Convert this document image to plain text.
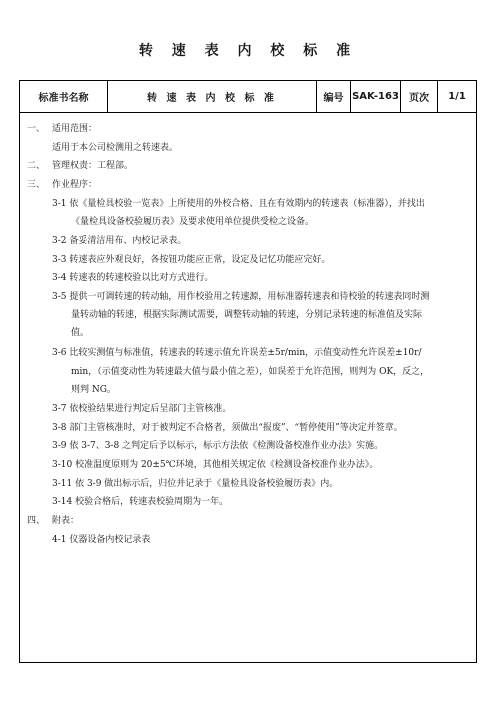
转 速 表 内 校 标 准
标准书名称	转 速 表 内 校 标 准	编号 SAK-163	页次	1/1
一、 适用范围：
适用于本公司检测用之转速表。
二、 管理权责：工程部。
三、 作业程序：
3-1 依《量检具校验一览表》上所使用的外校合格、且在有效期内的转速表（标准器），并找出
《量检具设备校验履历表》及要求使用单位提供受检之设备。
3-2 备妥清洁用布、内校记录表。
3-3 转速表应外观良好，各按钮功能应正常，设定及记忆功能应完好。
3-4 转速表的转速校验以比对方式进行。
3-5 提供一可调转速的转动轴，用作校验用之转速源，用标准器转速表和待校验的转速表同时测
量转动轴的转速，根据实际测试需要，调整转动轴的转速，分别记录转速的标准值及实际
值。
3-6 比较实测值与标准值，转速表的转速示值允许误差±5r/min，示值变动性允许误差±10r/
min，（示值变动性为转速最大值与最小值之差），如误差于允许范围，则判为 OK，反之，
则判 NG。
3-7 依校验结果进行判定后呈部门主管核准。
3-8 部门主管核准时，对于被判定不合格者，须做出“报废”、“暂停使用”等决定并签章。
3-9 依 3-7、3-8 之判定后予以标示，标示方法依《检测设备校准作业办法》实施。
3-10 校准温度原则为 20±5℃环境，其他相关规定依《检测设备校准作业办法》。
3-11 依 3-9 做出标示后，归位并记录于《量检具设备校验履历表》内。
3-14 校验合格后，转速表校验周期为一年。
四、 附表：
4-1 仪器设备内校记录表
